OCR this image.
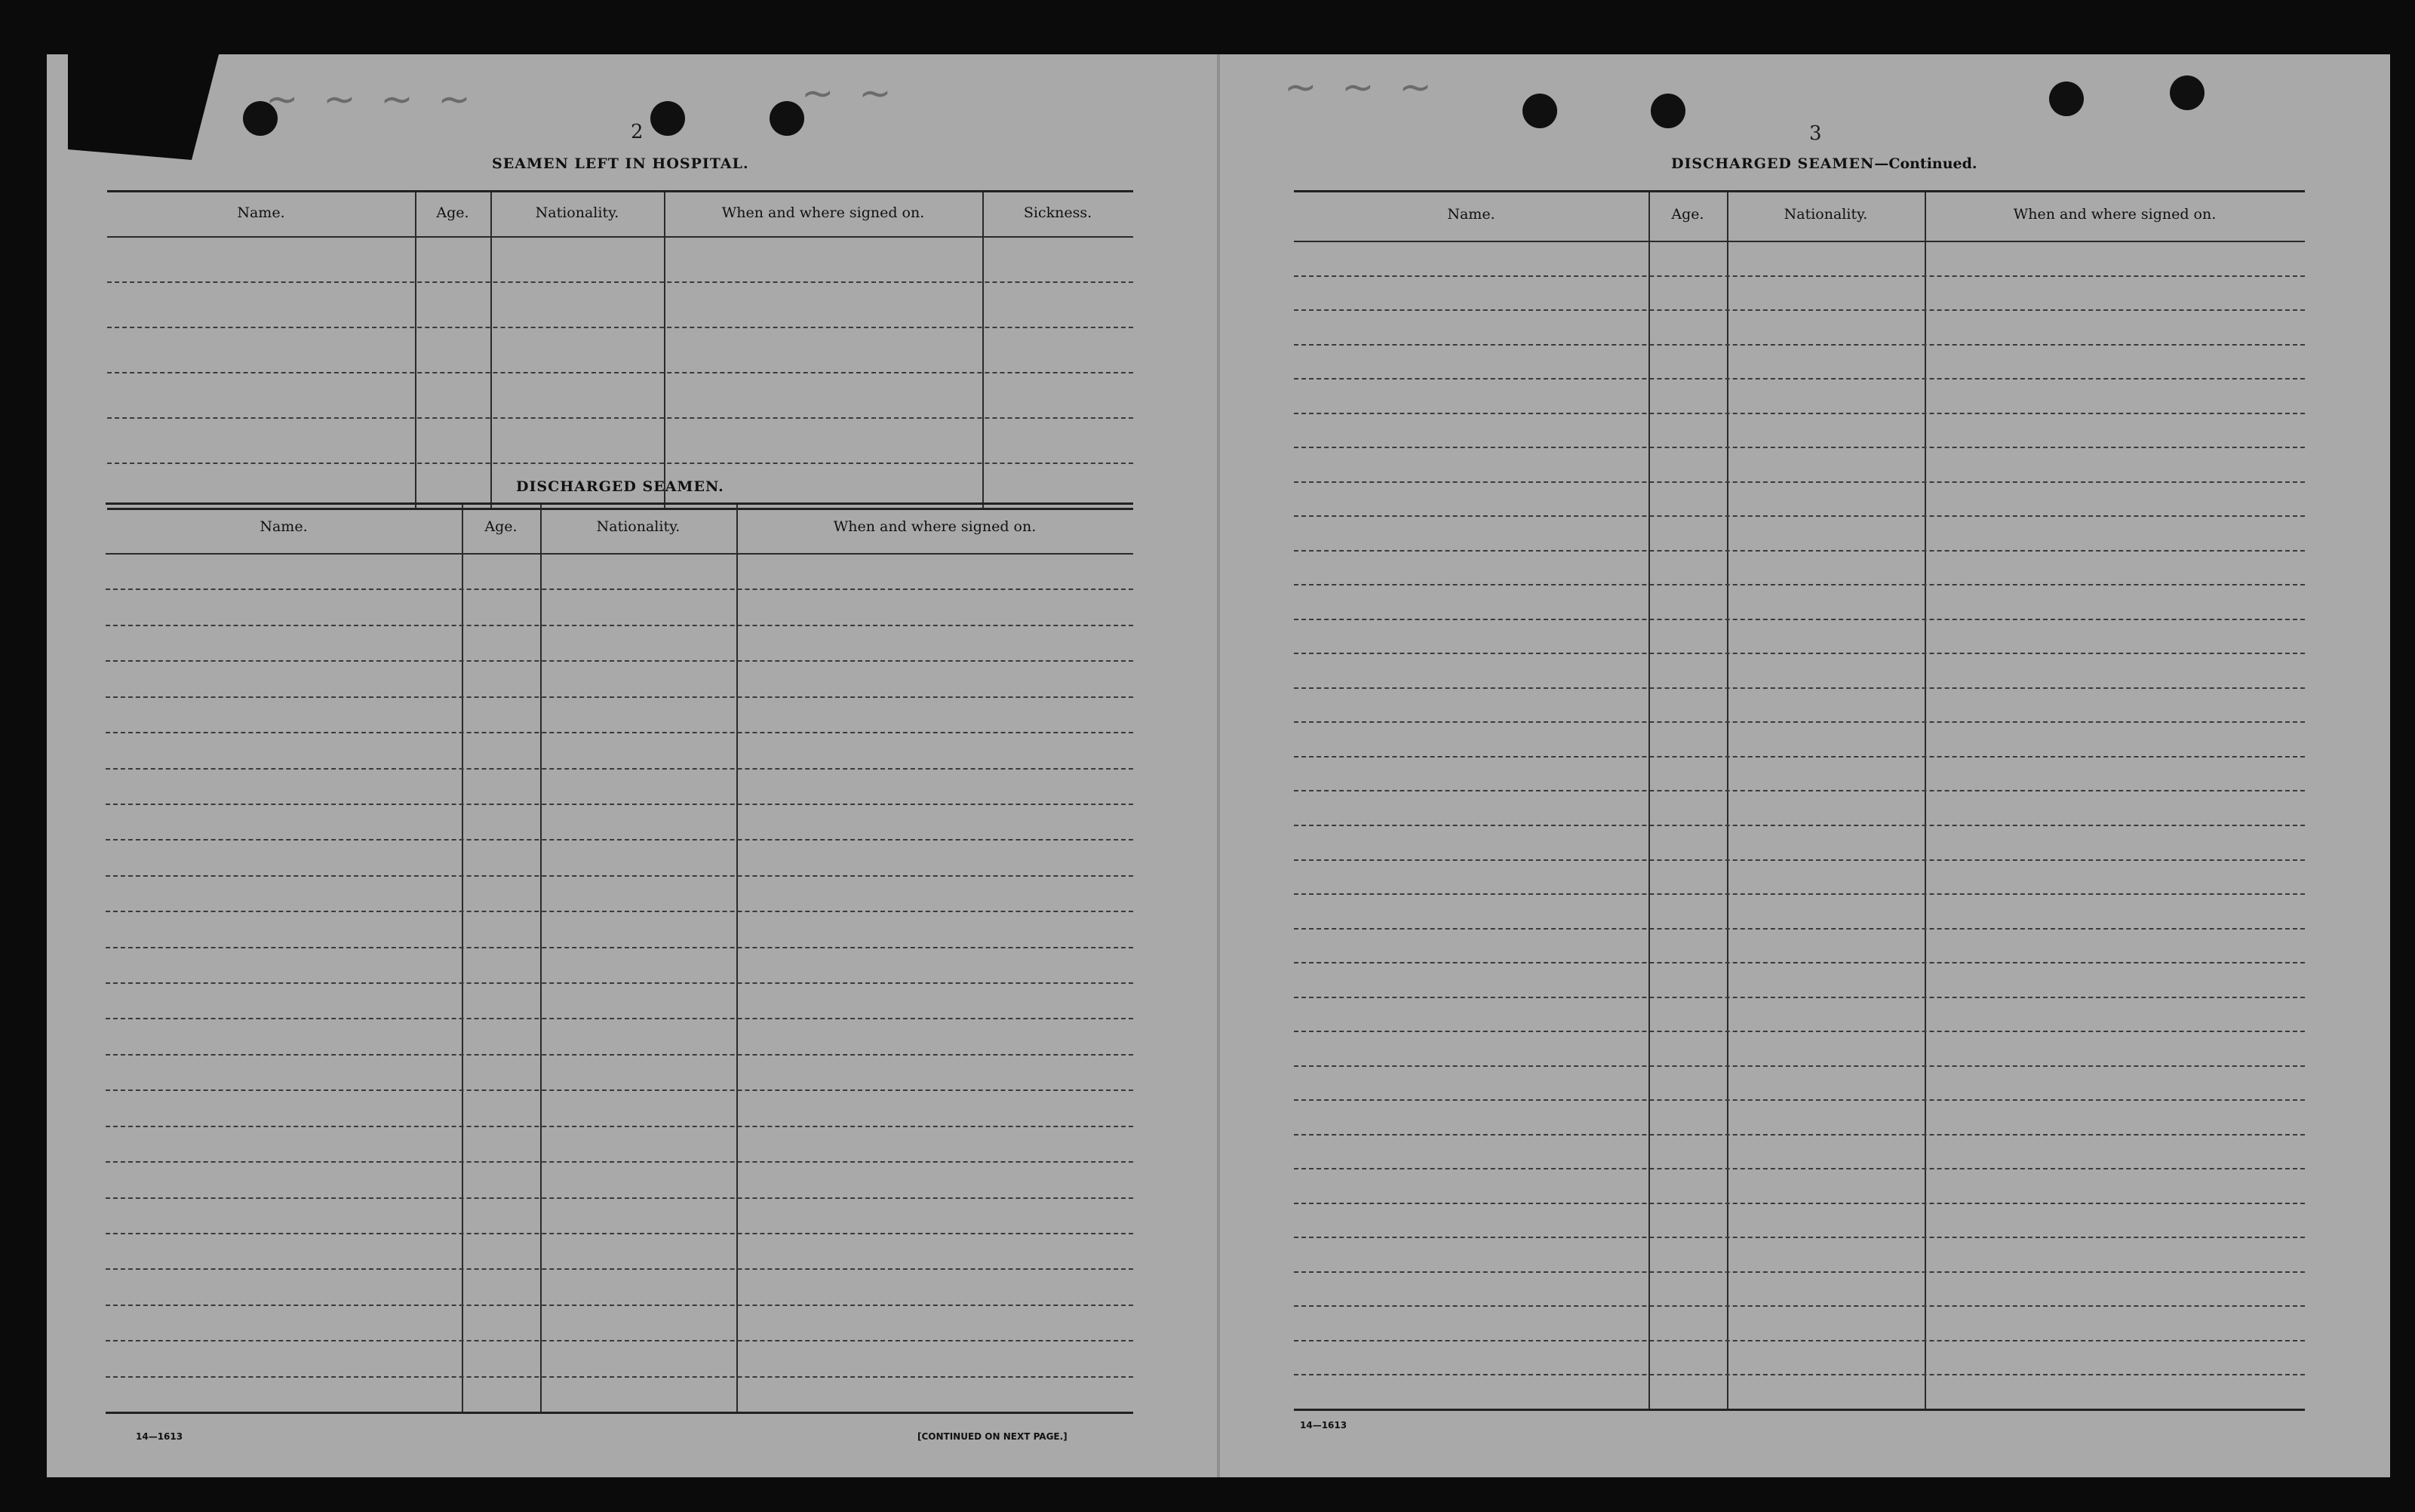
~ ~ ~ ~	~ ~	~ ~ ~
2
SEAMEN LEFT IN HOSPITAL.
Name.	Age.	Nationality.	When and where signed on.	Sickness.
DISCHARGED SEAMEN.
Name.	Age.	Nationality.	When and where signed on.
14—1613	[CONTINUED ON NEXT PAGE.]
3
DISCHARGED SEAMEN—Continued.
Name.	Age.	Nationality.	When and where signed on.
14—1613
